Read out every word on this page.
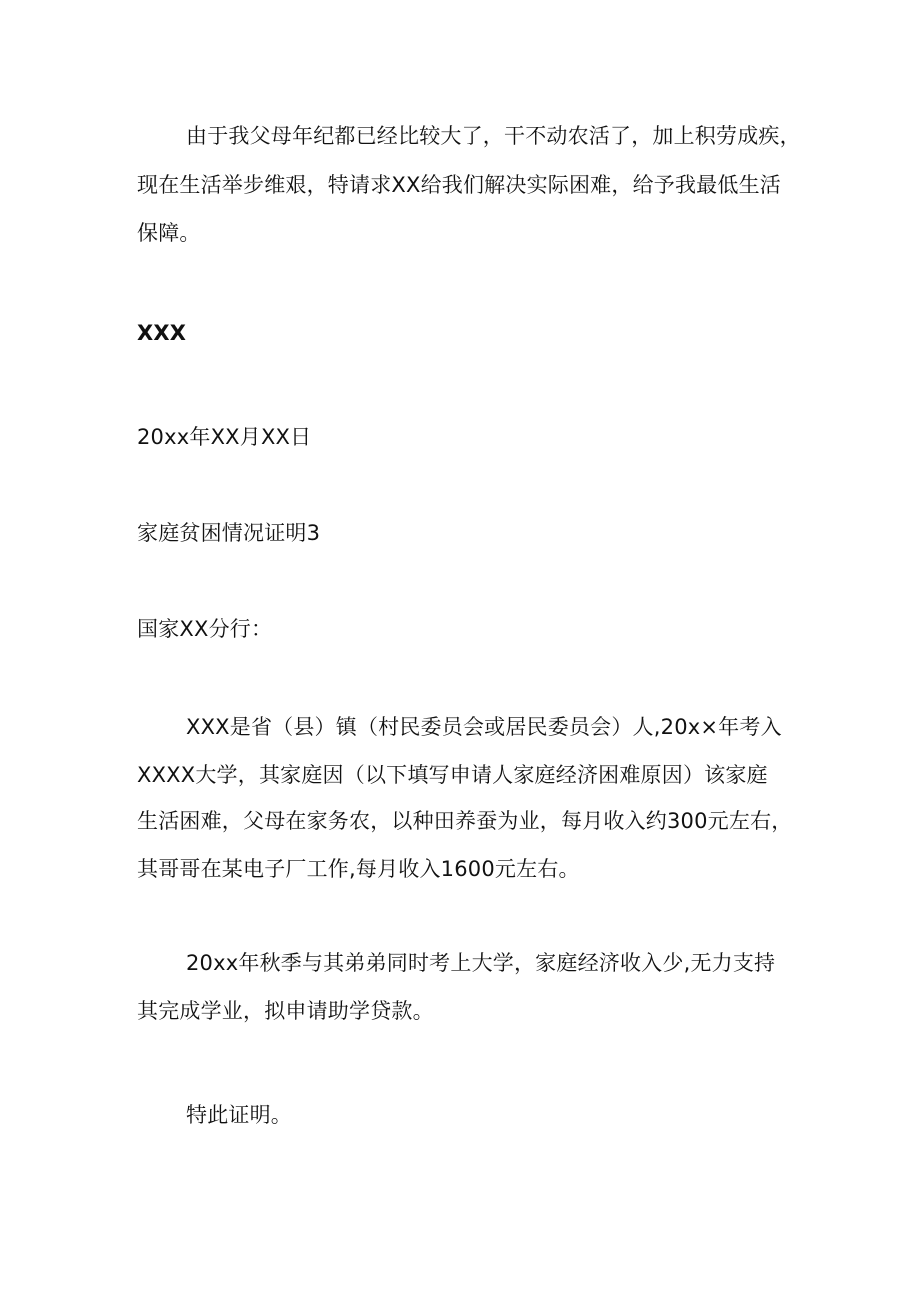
由于我父母年纪都已经比较大了，干不动农活了，加上积劳成疾，
现在生活举步维艰，特请求XX给我们解决实际困难，给予我最低生活
保障。
XXX
20xx年XX月XX日
家庭贫困情况证明3
国家XX分行：
XXX是省（县）镇（村民委员会或居民委员会）人,20x×年考入
XXXX大学，其家庭因（以下填写申请人家庭经济困难原因）该家庭
生活困难，父母在家务农，以种田养蚕为业，每月收入约300元左右，
其哥哥在某电子厂工作,每月收入1600元左右。
20xx年秋季与其弟弟同时考上大学，家庭经济收入少,无力支持
其完成学业，拟申请助学贷款。
特此证明。
